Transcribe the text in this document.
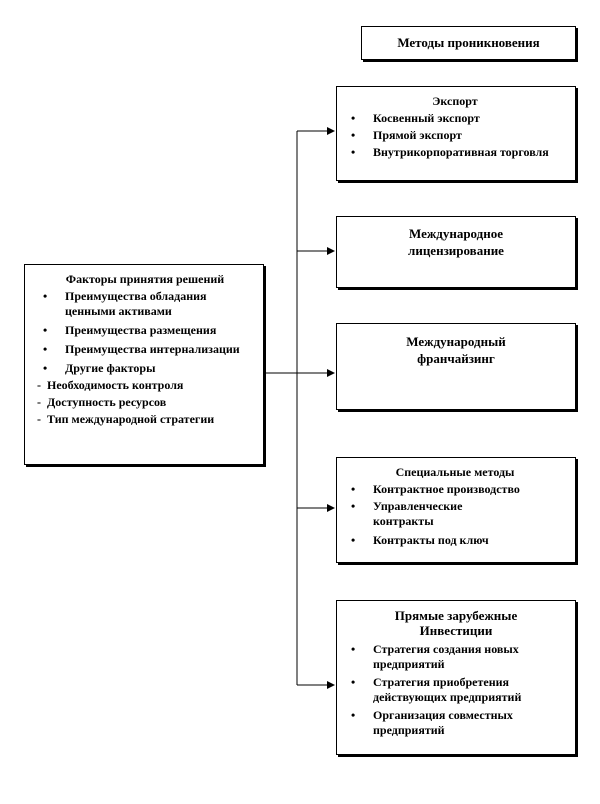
Методы проникновения
Факторы принятия решений
• Преимущества обладания ценными активами
• Преимущества размещения
• Преимущества интернализации
• Другие факторы
- Необходимость контроля
- Доступность ресурсов
- Тип международной стратегии
Экспорт
• Косвенный экспорт
• Прямой экспорт
• Внутрикорпоративная торговля
Международное лицензирование
Международный франчайзинг
Специальные методы
• Контрактное производство
• Управленческие контракты
• Контракты под ключ
Прямые зарубежные Инвестиции
• Стратегия создания новых предприятий
• Стратегия приобретения действующих предприятий
• Организация совместных предприятий
